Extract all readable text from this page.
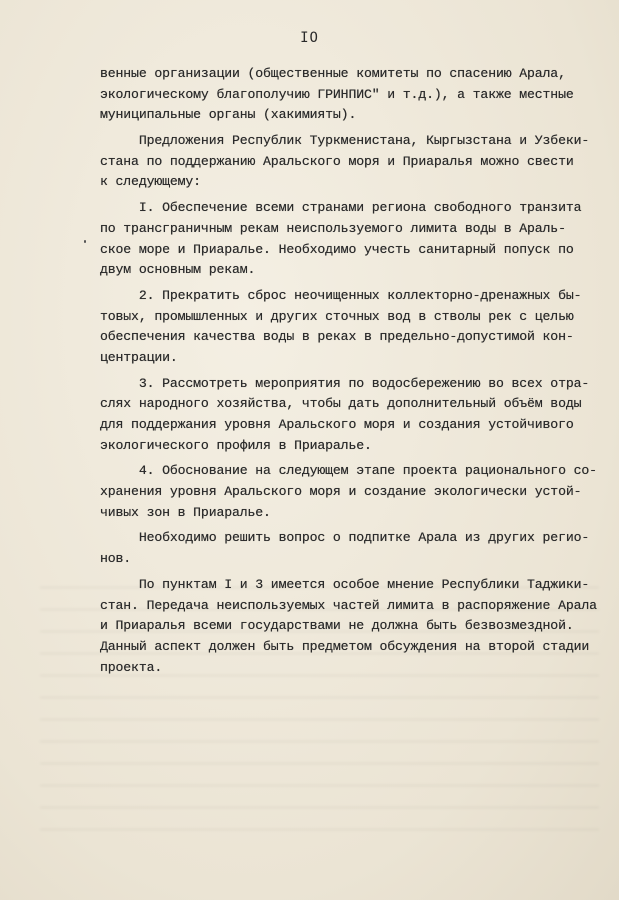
IO
венные организации (общественные комитеты по спасению Арала,
экологическому благополучию ГРИНПИС" и т.д.), а также местные
муниципальные органы (хакимияты).
Предложения Республик Туркменистана, Кыргызстана и Узбеки-
стана по поддержанию Аральского моря и Приаралья можно свести
к следующему:
I. Обеспечение всеми странами региона свободного транзита
по трансграничным рекам неиспользуемого лимита воды в Араль-
ское море и Приаралье. Необходимо учесть санитарный попуск по
двум основным рекам.
2. Прекратить сброс неочищенных коллекторно-дренажных бы-
товых, промышленных и других сточных вод в стволы рек с целью
обеспечения качества воды в реках в предельно-допустимой кон-
центрации.
3. Рассмотреть мероприятия по водосбережению во всех отра-
слях народного хозяйства, чтобы дать дополнительный объём воды
для поддержания уровня Аральского моря и создания устойчивого
экологического профиля в Приаралье.
4. Обоснование на следующем этапе проекта рационального со-
хранения уровня Аральского моря и создание экологически устой-
чивых зон в Приаралье.
Необходимо решить вопрос о подпитке Арала из других регио-
нов.
По пунктам I и 3 имеется особое мнение Республики Таджики-
стан. Передача неиспользуемых частей лимита в распоряжение Арала
и Приаралья всеми государствами не должна быть безвозмездной.
Данный аспект должен быть предметом обсуждения на второй стадии
проекта.
